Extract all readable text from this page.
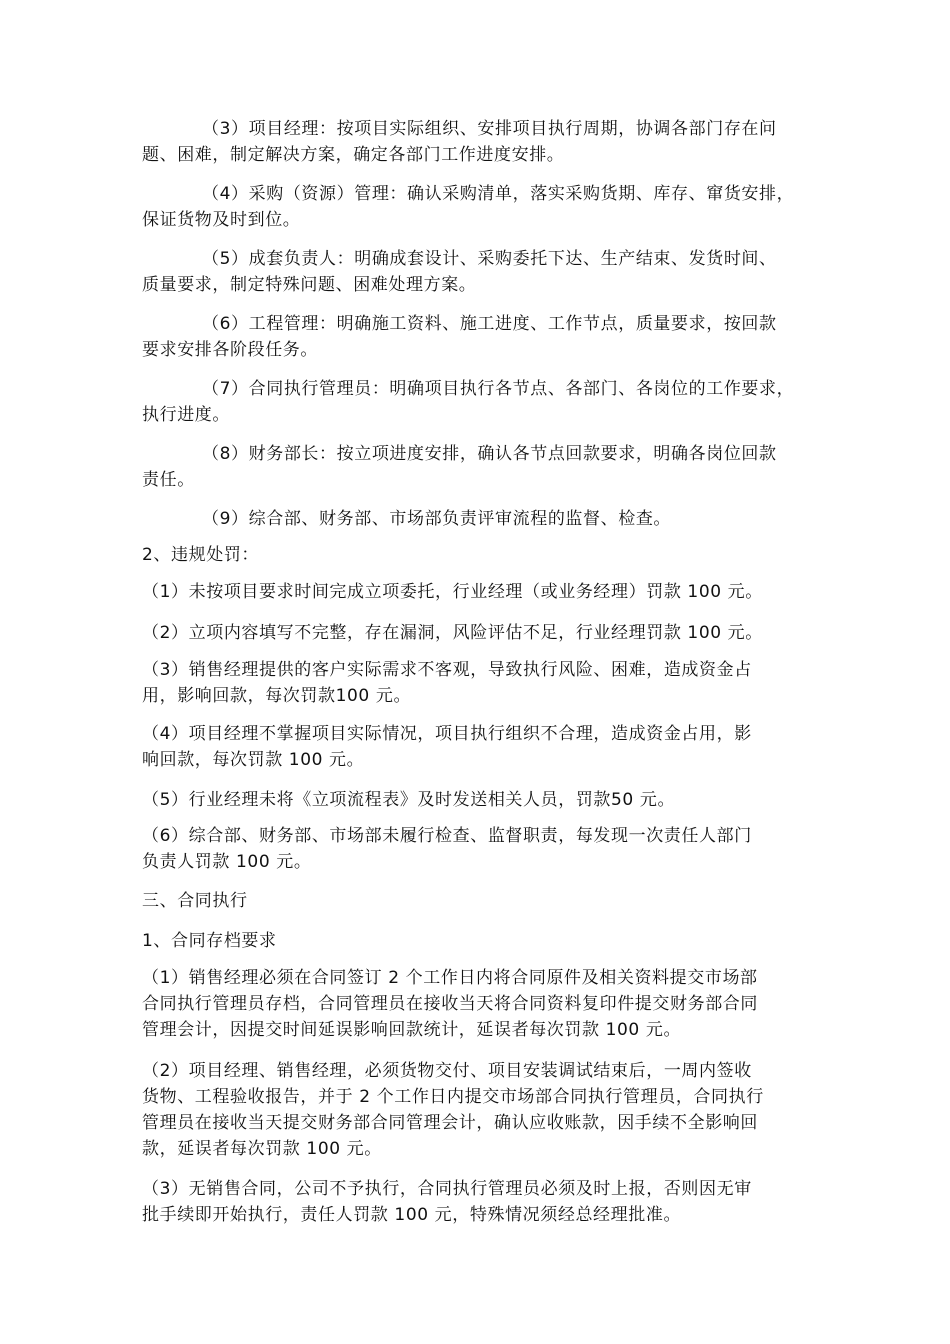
（3）项目经理：按项目实际组织、安排项目执行周期，协调各部门存在问
题、困难，制定解决方案，确定各部门工作进度安排。
（4）采购（资源）管理：确认采购清单，落实采购货期、库存、窜货安排，
保证货物及时到位。
（5）成套负责人：明确成套设计、采购委托下达、生产结束、发货时间、
质量要求，制定特殊问题、困难处理方案。
（6）工程管理：明确施工资料、施工进度、工作节点，质量要求，按回款
要求安排各阶段任务。
（7）合同执行管理员：明确项目执行各节点、各部门、各岗位的工作要求，
执行进度。
（8）财务部长：按立项进度安排，确认各节点回款要求，明确各岗位回款
责任。
（9）综合部、财务部、市场部负责评审流程的监督、检查。
2、违规处罚：
（1）未按项目要求时间完成立项委托，行业经理（或业务经理）罚款 100 元。
（2）立项内容填写不完整，存在漏洞，风险评估不足，行业经理罚款 100 元。
（3）销售经理提供的客户实际需求不客观，导致执行风险、困难，造成资金占
用，影响回款，每次罚款100 元。
（4）项目经理不掌握项目实际情况，项目执行组织不合理，造成资金占用，影
响回款，每次罚款 100 元。
（5）行业经理未将《立项流程表》及时发送相关人员，罚款50 元。
（6）综合部、财务部、市场部未履行检查、监督职责，每发现一次责任人部门
负责人罚款 100 元。
三、合同执行
1、合同存档要求
（1）销售经理必须在合同签订 2 个工作日内将合同原件及相关资料提交市场部
合同执行管理员存档，合同管理员在接收当天将合同资料复印件提交财务部合同
管理会计，因提交时间延误影响回款统计，延误者每次罚款 100 元。
（2）项目经理、销售经理，必须货物交付、项目安装调试结束后，一周内签收
货物、工程验收报告，并于 2 个工作日内提交市场部合同执行管理员，合同执行
管理员在接收当天提交财务部合同管理会计，确认应收账款，因手续不全影响回
款，延误者每次罚款 100 元。
（3）无销售合同，公司不予执行，合同执行管理员必须及时上报，否则因无审
批手续即开始执行，责任人罚款 100 元，特殊情况须经总经理批准。
